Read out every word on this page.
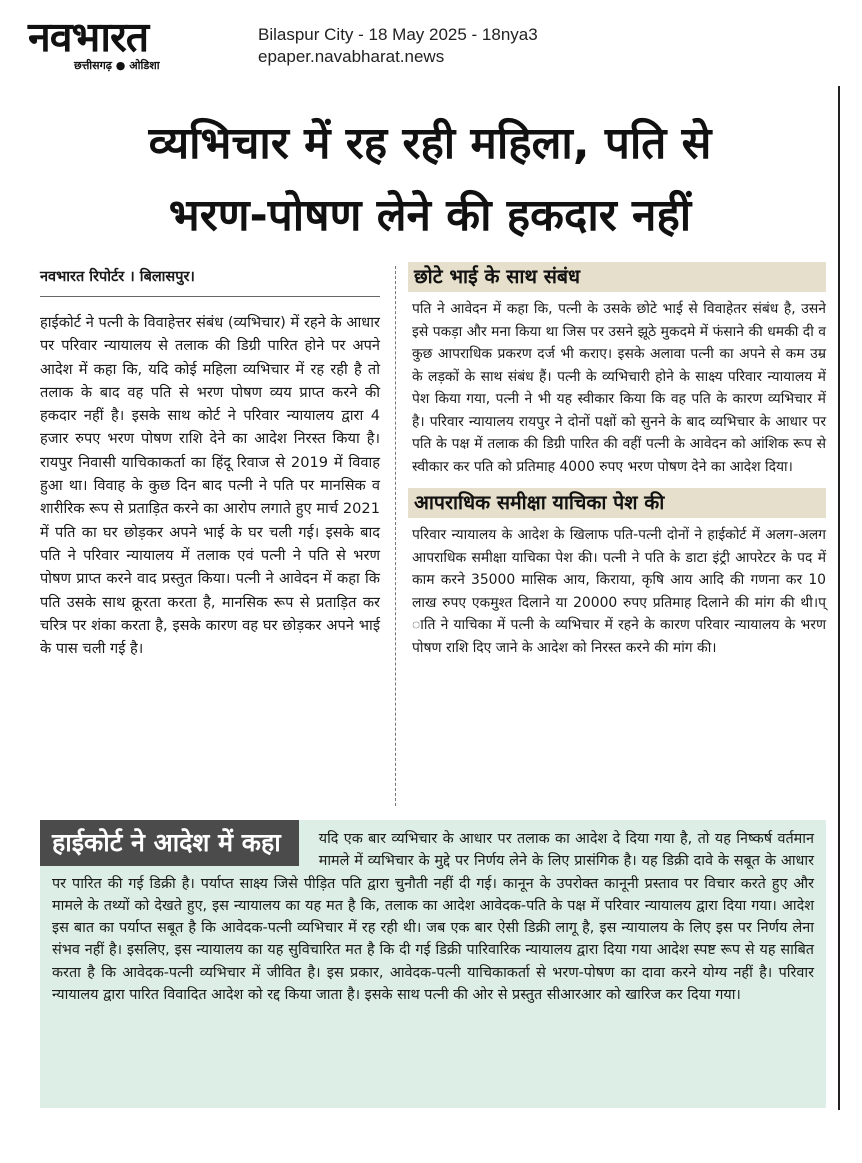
नवभारत
छत्तीसगढ़ ● ओडिशा
Bilaspur City - 18 May 2025 - 18nya3
epaper.navabharat.news
व्यभिचार में रह रही महिला, पति से
भरण-पोषण लेने की हकदार नहीं

नवभारत रिपोर्टर । बिलासपुर।

हाईकोर्ट ने पत्नी के विवाहेत्तर संबंध (व्यभिचार) में रहने के आधार पर परिवार न्यायालय से तलाक की डिग्री पारित होने पर अपने आदेश में कहा कि, यदि कोई महिला व्यभिचार में रह रही है तो तलाक के बाद वह पति से भरण पोषण व्यय प्राप्त करने की हकदार नहीं है। इसके साथ कोर्ट ने परिवार न्यायालय द्वारा 4 हजार रुपए भरण पोषण राशि देने का आदेश निरस्त किया है। रायपुर निवासी याचिकाकर्ता का हिंदू रिवाज से 2019 में विवाह हुआ था। विवाह के कुछ दिन बाद पत्नी ने पति पर मानसिक व शारीरिक रूप से प्रताड़ित करने का आरोप लगाते हुए मार्च 2021 में पति का घर छोड़कर अपने भाई के घर चली गई। इसके बाद पति ने परिवार न्यायालय में तलाक एवं पत्नी ने पति से भरण पोषण प्राप्त करने वाद प्रस्तुत किया। पत्नी ने आवेदन में कहा कि पति उसके साथ क्रूरता करता है, मानसिक रूप से प्रताड़ित कर चरित्र पर शंका करता है, इसके कारण वह घर छोड़कर अपने भाई के पास चली गई है।

छोटे भाई के साथ संबंध

पति ने आवेदन में कहा कि, पत्नी के उसके छोटे भाई से विवाहेतर संबंध है, उसने इसे पकड़ा और मना किया था जिस पर उसने झूठे मुकदमे में फंसाने की धमकी दी व कुछ आपराधिक प्रकरण दर्ज भी कराए। इसके अलावा पत्नी का अपने से कम उम्र के लड़कों के साथ संबंध हैं। पत्नी के व्यभिचारी होने के साक्ष्य परिवार न्यायालय में पेश किया गया, पत्नी ने भी यह स्वीकार किया कि वह पति के कारण व्यभिचार में है। परिवार न्यायालय रायपुर ने दोनों पक्षों को सुनने के बाद व्यभिचार के आधार पर पति के पक्ष में तलाक की डिग्री पारित की वहीं पत्नी के आवेदन को आंशिक रूप से स्वीकार कर पति को प्रतिमाह 4000 रुपए भरण पोषण देने का आदेश दिया।

आपराधिक समीक्षा याचिका पेश की

परिवार न्यायालय के आदेश के खिलाफ पति-पत्नी दोनों ने हाईकोर्ट में अलग-अलग आपराधिक समीक्षा याचिका पेश की। पत्नी ने पति के डाटा इंट्री आपरेटर के पद में काम करने 35000 मासिक आय, किराया, कृषि आय आदि की गणना कर 10 लाख रुपए एकमुश्त दिलाने या 20000 रुपए प्रतिमाह दिलाने की मांग की थी।प् ाति ने याचिका में पत्नी के व्यभिचार में रहने के कारण परिवार न्यायालय के भरण पोषण राशि दिए जाने के आदेश को निरस्त करने की मांग की।

हाईकोर्ट ने आदेश में कहा	यदि एक बार व्यभिचार के आधार पर तलाक का आदेश दे दिया गया है, तो यह निष्कर्ष वर्तमान मामले में व्यभिचार के मुद्दे पर निर्णय लेने के लिए प्रासंगिक है। यह डिक्री दावे के सबूत के आधार पर पारित की गई डिक्री है। पर्याप्त साक्ष्य जिसे पीड़ित पति द्वारा चुनौती नहीं दी गई। कानून के उपरोक्त कानूनी प्रस्ताव पर विचार करते हुए और मामले के तथ्यों को देखते हुए, इस न्यायालय का यह मत है कि, तलाक का आदेश आवेदक-पति के पक्ष में परिवार न्यायालय द्वारा दिया गया। आदेश इस बात का पर्याप्त सबूत है कि आवेदक-पत्नी व्यभिचार में रह रही थी। जब एक बार ऐसी डिक्री लागू है, इस न्यायालय के लिए इस पर निर्णय लेना संभव नहीं है। इसलिए, इस न्यायालय का यह सुविचारित मत है कि दी गई डिक्री पारिवारिक न्यायालय द्वारा दिया गया आदेश स्पष्ट रूप से यह साबित करता है कि आवेदक-पत्नी व्यभिचार में जीवित है। इस प्रकार, आवेदक-पत्नी याचिकाकर्ता से भरण-पोषण का दावा करने योग्य नहीं है। परिवार न्यायालय द्वारा पारित विवादित आदेश को रद्द किया जाता है। इसके साथ पत्नी की ओर से प्रस्तुत सीआरआर को खारिज कर दिया गया।
